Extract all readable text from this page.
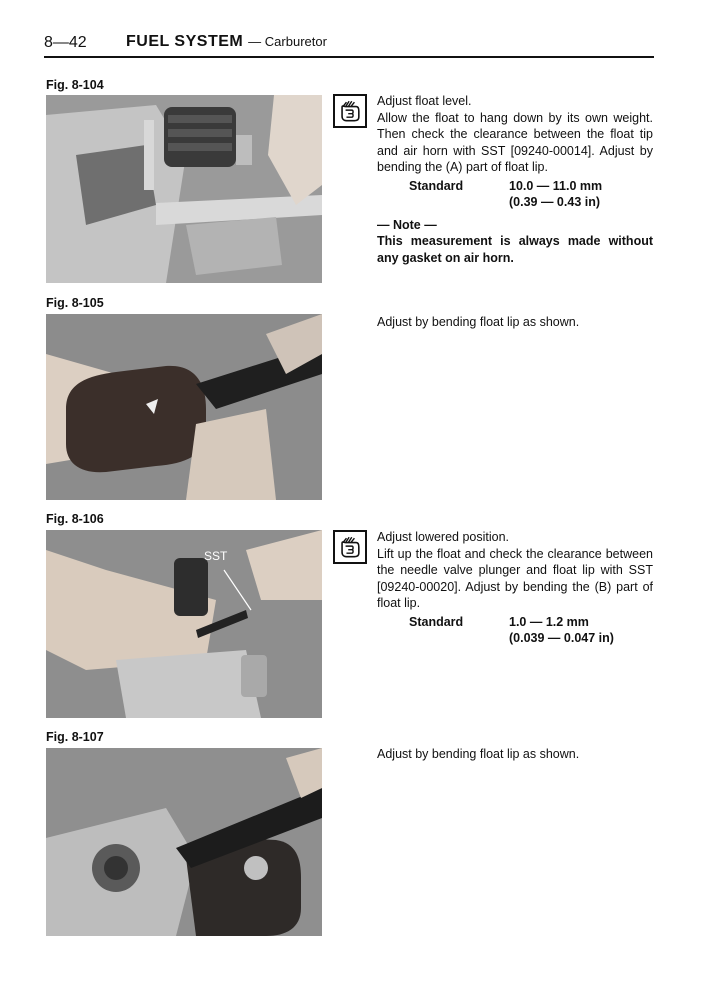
8—42 FUEL SYSTEM — Carburetor
Fig. 8-104

Adjust float level.

Allow the float to hang down by its own weight. Then check the clearance between the float tip and air horn with SST [09240-00014]. Adjust by bending the (A) part of float lip.

Standard	10.0 — 11.0 mm
(0.39 — 0.43 in)
— Note —
This measurement is always made without any gasket on air horn.
Fig. 8-105

Adjust by bending float lip as shown.

Fig. 8-106
SST

Adjust lowered position.

Lift up the float and check the clearance between the needle valve plunger and float lip with SST [09240-00020]. Adjust by bending the (B) part of float lip.

Standard	1.0 — 1.2 mm
(0.039 — 0.047 in)
Fig. 8-107

Adjust by bending float lip as shown.
